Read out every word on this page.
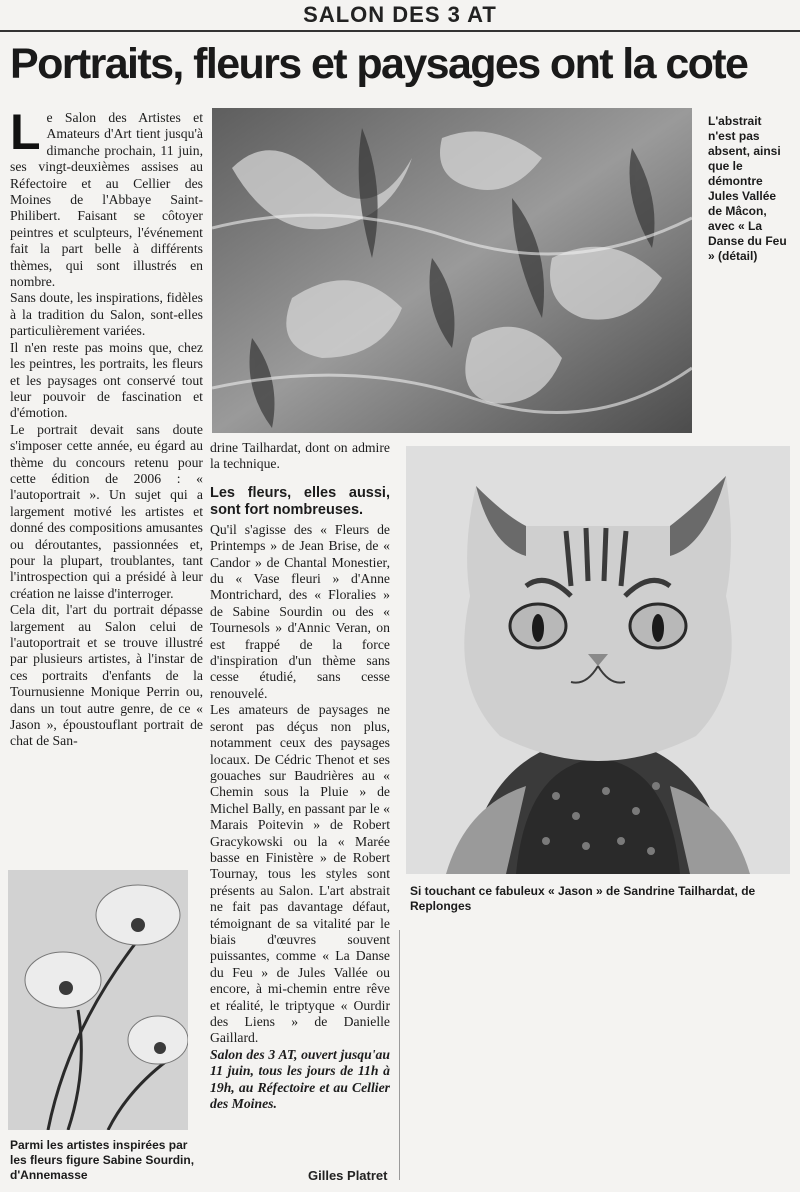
SALON DES 3 AT
Portraits, fleurs et paysages ont la cote
L e Salon des Artistes et Amateurs d'Art tient jusqu'à dimanche prochain, 11 juin, ses vingt-deuxièmes assises au Réfectoire et au Cellier des Moines de l'Abbaye Saint-Philibert. Faisant se côtoyer peintres et sculpteurs, l'événement fait la part belle à différents thèmes, qui sont illustrés en nombre.

Sans doute, les inspirations, fidèles à la tradition du Salon, sont-elles particulièrement variées.

Il n'en reste pas moins que, chez les peintres, les portraits, les fleurs et les paysages ont conservé tout leur pouvoir de fascination et d'émotion.

Le portrait devait sans doute s'imposer cette année, eu égard au thème du concours retenu pour cette édition de 2006 : « l'autoportrait ». Un sujet qui a largement motivé les artistes et donné des compositions amusantes ou déroutantes, passionnées et, pour la plupart, troublantes, tant l'introspection qui a présidé à leur création ne laisse d'interroger.

Cela dit, l'art du portrait dépasse largement au Salon celui de l'autoportrait et se trouve illustré par plusieurs artistes, à l'instar de ces portraits d'enfants de la Tournusienne Monique Perrin ou, dans un tout autre genre, de ce « Jason », époustouflant portrait de chat de San-

L'abstrait n'est pas absent, ainsi que le démontre Jules Vallée de Mâcon, avec « La Danse du Feu » (détail)

drine Tailhardat, dont on admire la technique.

Les fleurs, elles aussi, sont fort nombreuses.

Qu'il s'agisse des « Fleurs de Printemps » de Jean Brise, de « Candor » de Chantal Monestier, du « Vase fleuri » d'Anne Montrichard, des « Floralies » de Sabine Sourdin ou des « Tournesols » d'Annic Veran, on est frappé de la force d'inspiration d'un thème sans cesse étudié, sans cesse renouvelé.

Les amateurs de paysages ne seront pas déçus non plus, notamment ceux des paysages locaux. De Cédric Thenot et ses gouaches sur Baudrières au « Chemin sous la Pluie » de Michel Bally, en passant par le « Marais Poitevin » de Robert Gracykowski ou la « Marée basse en Finistère » de Robert Tournay, tous les styles sont présents au Salon. L'art abstrait ne fait pas davantage défaut, témoignant de sa vitalité par le biais d'œuvres souvent puissantes, comme « La Danse du Feu » de Jules Vallée ou encore, à mi-chemin entre rêve et réalité, le triptyque « Ourdir des Liens » de Danielle Gaillard.

Salon des 3 AT, ouvert jusqu'au 11 juin, tous les jours de 11h à 19h, au Réfectoire et au Cellier des Moines.

Gilles Platret
Si touchant ce fabuleux « Jason » de Sandrine Tailhardat, de Replonges
Parmi les artistes inspirées par les fleurs figure Sabine Sourdin, d'Annemasse
